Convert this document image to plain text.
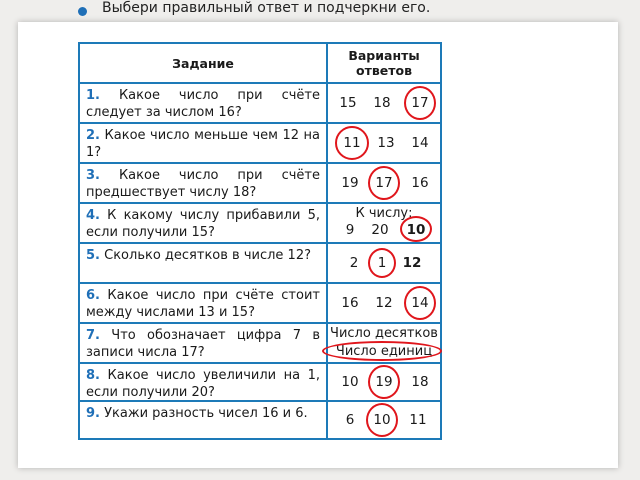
Выбери правильный ответ и подчеркни его.
Задание	Варианты
ответов
1. Какое число при счёте следует за числом 16?
15 18 17
2. Какое число меньше чем 12 на 1?
11 13 14
3. Какое число при счёте предшествует числу 18?
19 17 16
4. К какому числу прибавили 5, если получили 15?
К числу:
9 20 10
5. Сколько десятков в числе 12?	2 1 12
6. Какое число при счёте стоит между числами 13 и 15?
16 12 14
7. Что обозначает цифра 7 в записи числа 17?
Число десятков
Число единиц
8. Какое число увеличили на 1, если получили 20?
10 19 18
9. Укажи разность чисел 16 и 6.	6 10 11
